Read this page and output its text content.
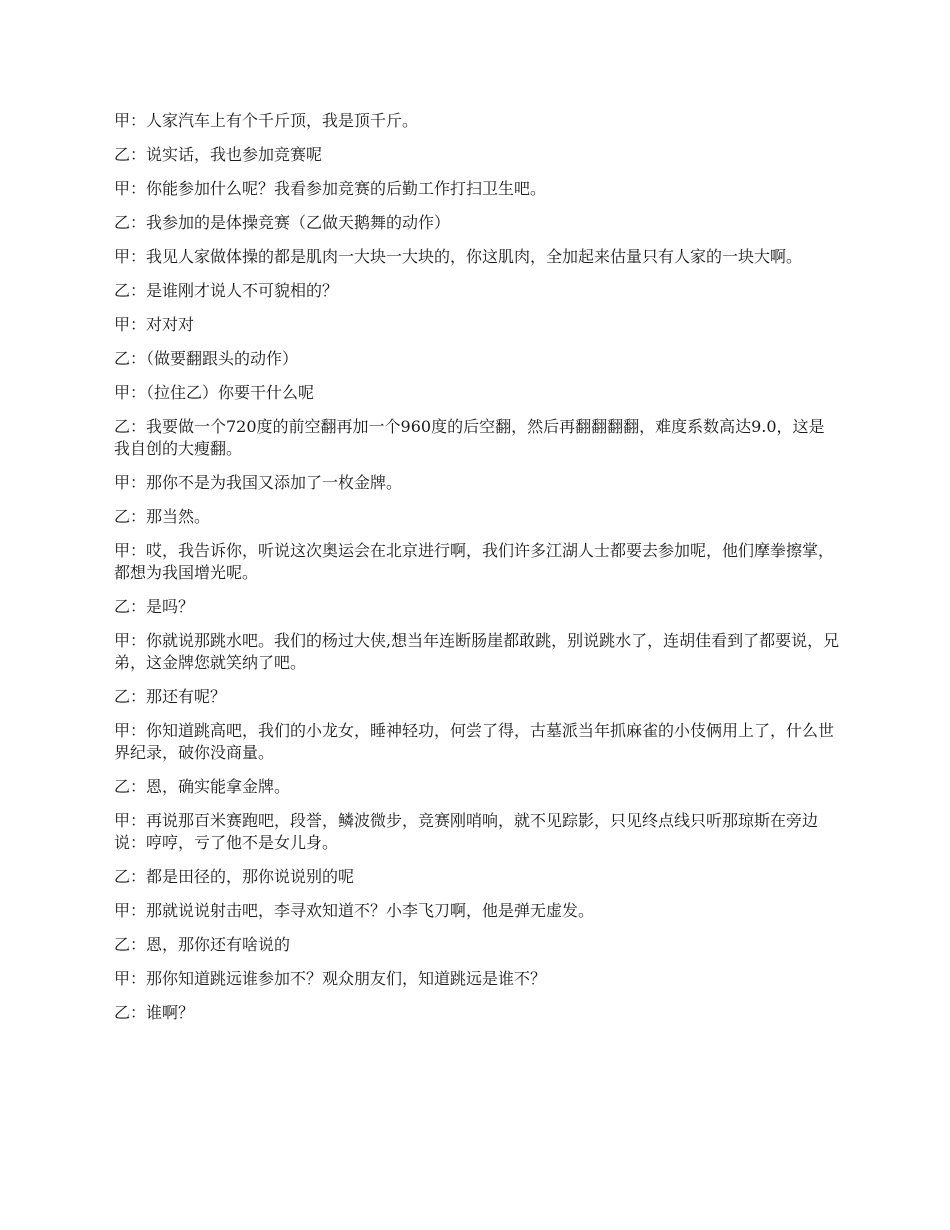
甲：人家汽车上有个千斤顶，我是顶千斤。

乙：说实话，我也参加竞赛呢

甲：你能参加什么呢？我看参加竞赛的后勤工作打扫卫生吧。

乙：我参加的是体操竞赛（乙做天鹅舞的动作）

甲：我见人家做体操的都是肌肉一大块一大块的，你这肌肉，全加起来估量只有人家的一块大啊。

乙：是谁刚才说人不可貌相的？

甲：对对对

乙：（做要翻跟头的动作）

甲：（拉住乙）你要干什么呢

乙：我要做一个720度的前空翻再加一个960度的后空翻，然后再翻翻翻翻，难度系数高达9.0，这是我自创的大瘦翻。

甲：那你不是为我国又添加了一枚金牌。

乙：那当然。

甲：哎，我告诉你，听说这次奥运会在北京进行啊，我们许多江湖人士都要去参加呢，他们摩拳擦掌，都想为我国增光呢。

乙：是吗？

甲：你就说那跳水吧。我们的杨过大侠,想当年连断肠崖都敢跳，别说跳水了，连胡佳看到了都要说，兄弟，这金牌您就笑纳了吧。

乙：那还有呢？

甲：你知道跳高吧，我们的小龙女，睡神轻功，何尝了得，古墓派当年抓麻雀的小伎俩用上了，什么世界纪录，破你没商量。

乙：恩，确实能拿金牌。

甲：再说那百米赛跑吧，段誉，鳞波微步，竞赛刚哨响，就不见踪影，只见终点线只听那琼斯在旁边说：哼哼，亏了他不是女儿身。

乙：都是田径的，那你说说别的呢

甲：那就说说射击吧，李寻欢知道不？小李飞刀啊，他是弹无虚发。

乙：恩，那你还有啥说的

甲：那你知道跳远谁参加不？观众朋友们，知道跳远是谁不？

乙：谁啊？
